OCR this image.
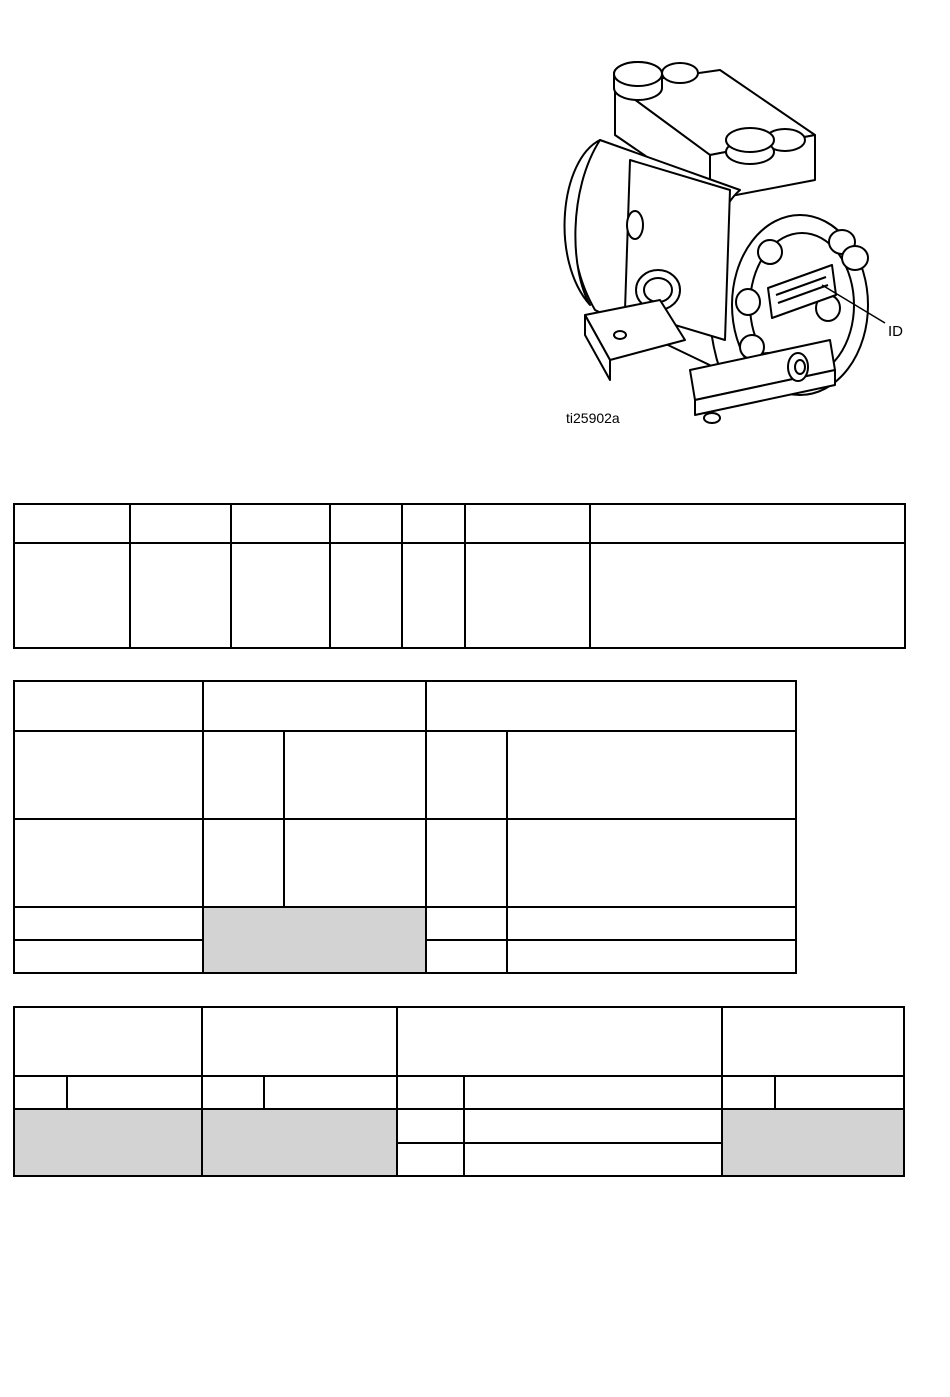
ID
ti25902a
